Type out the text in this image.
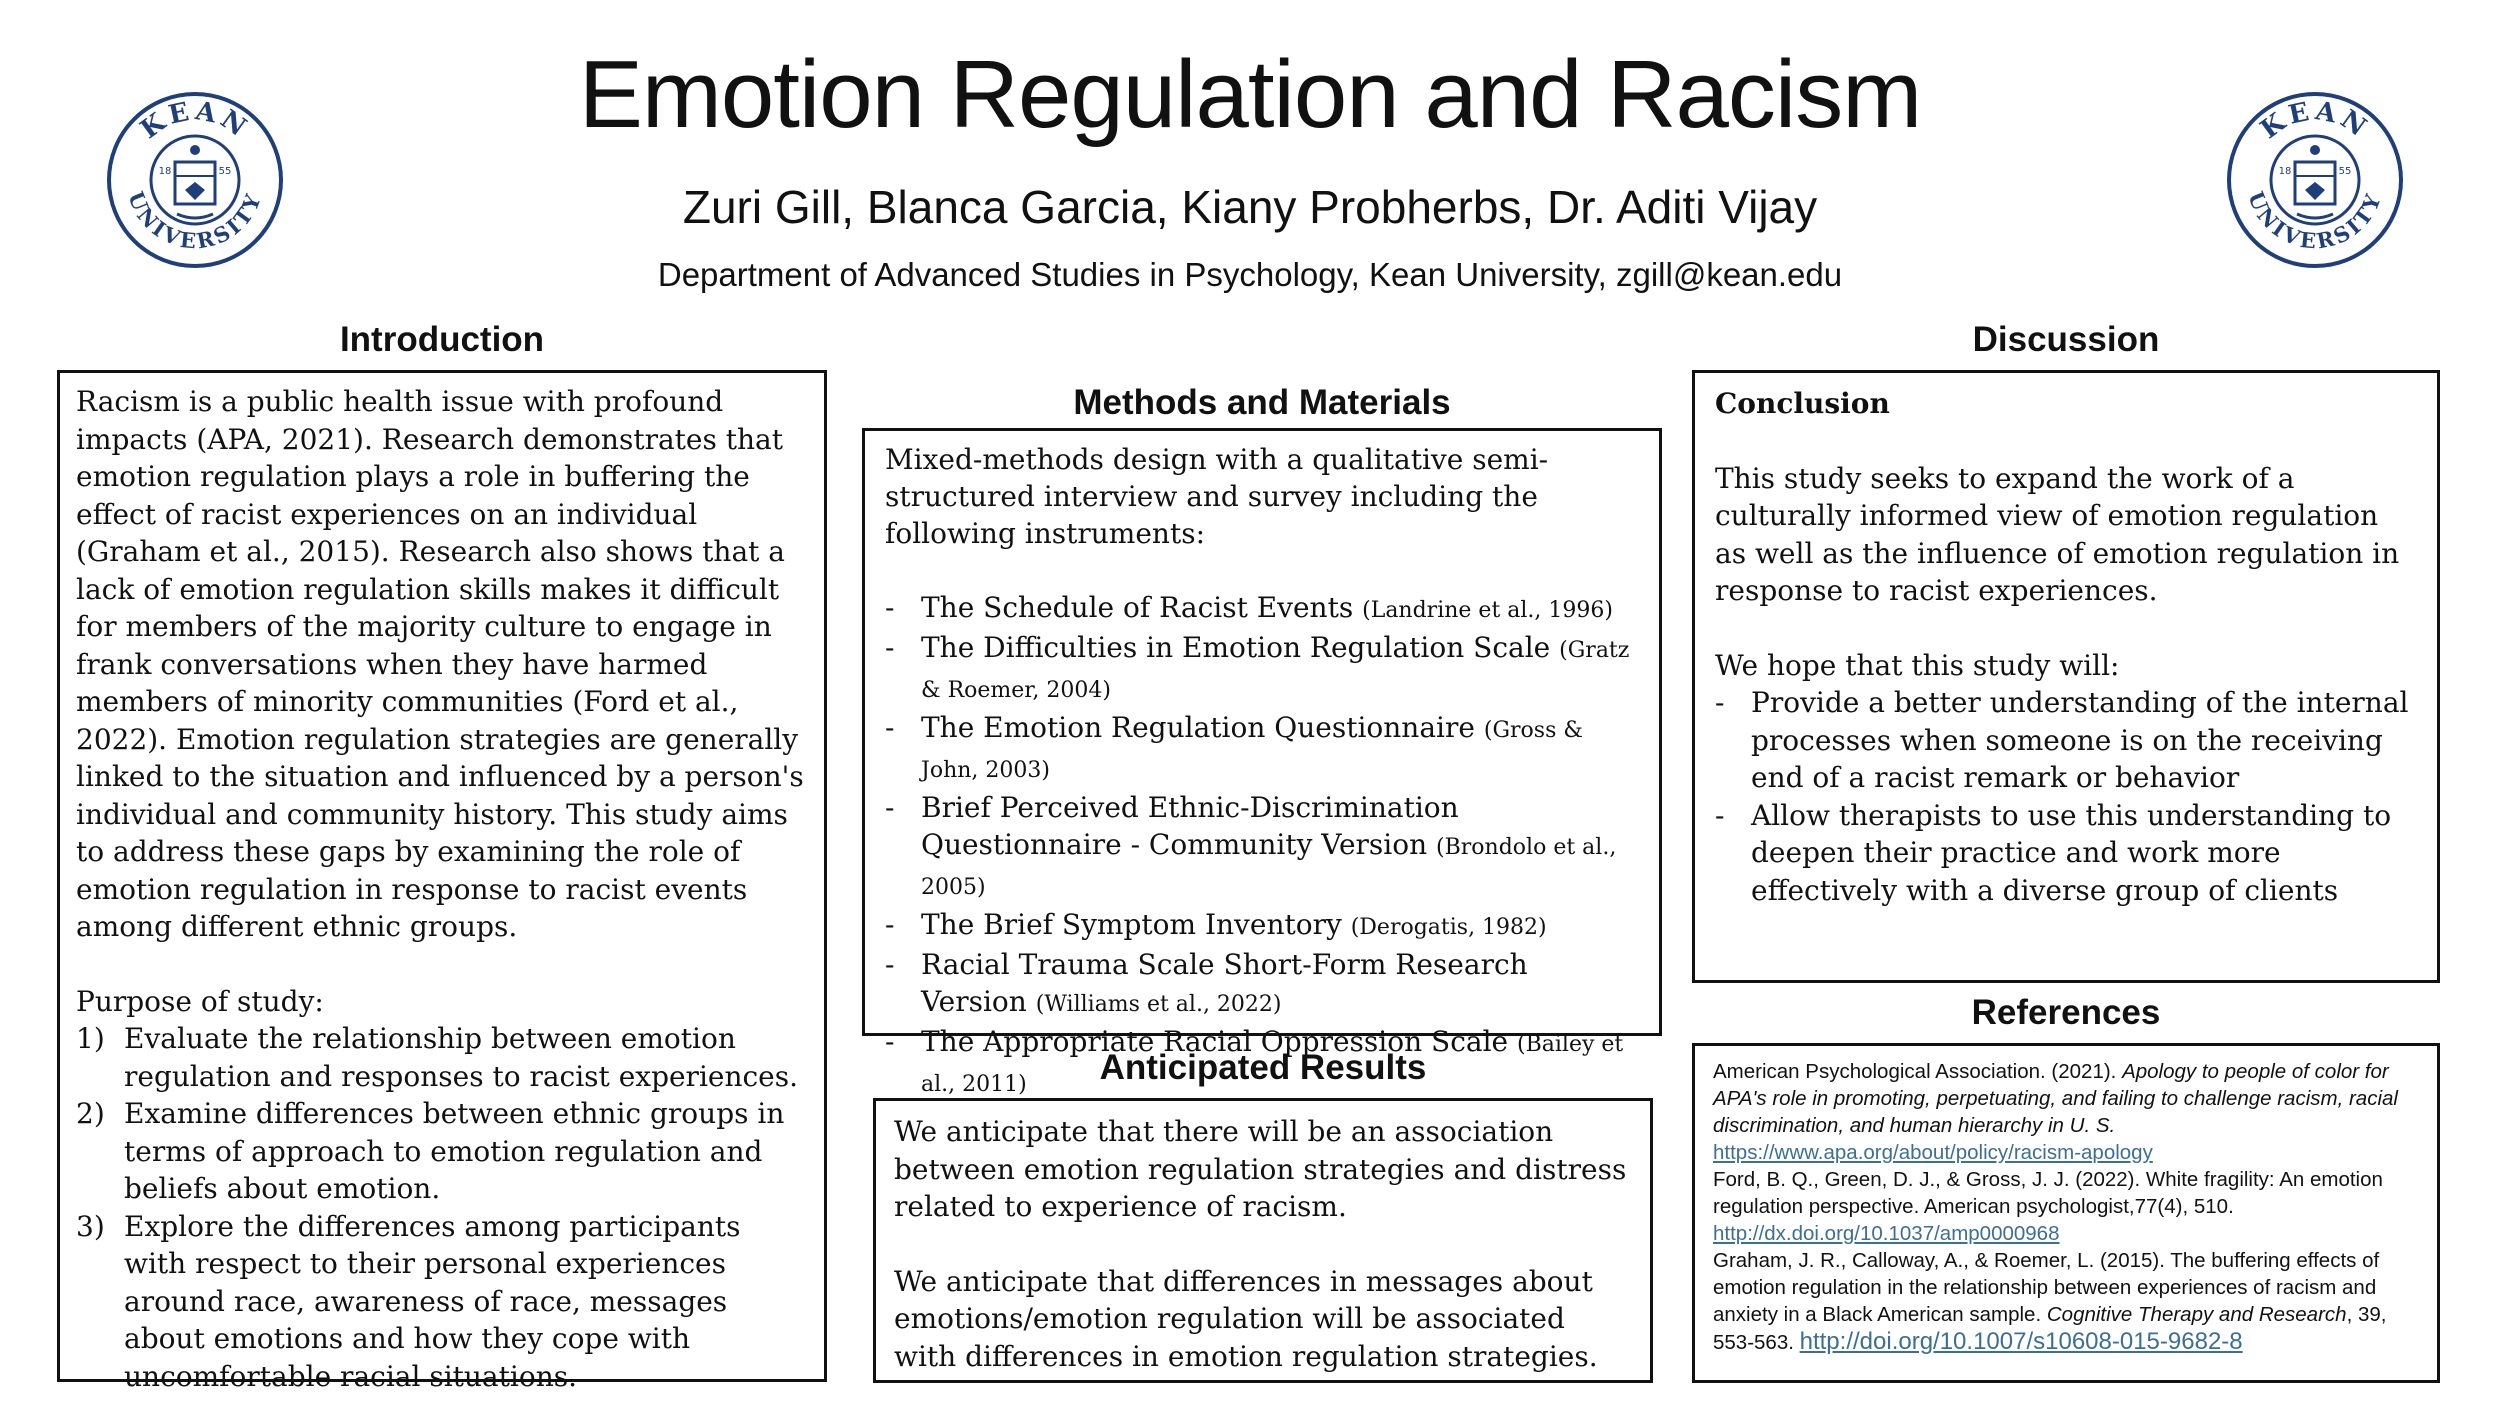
Emotion Regulation and Racism
Zuri Gill, Blanca Garcia, Kiany Probherbs, Dr. Aditi Vijay
Department of Advanced Studies in Psychology, Kean University, zgill@kean.edu
KEAN
UNIVERSITY
18	55
KEAN
UNIVERSITY
18	55
Introduction

Racism is a public health issue with profound impacts (APA, 2021). Research demonstrates that emotion regulation plays a role in buffering the effect of racist experiences on an individual (Graham et al., 2015). Research also shows that a lack of emotion regulation skills makes it difficult for members of the majority culture to engage in frank conversations when they have harmed members of minority communities (Ford et al., 2022). Emotion regulation strategies are generally linked to the situation and influenced by a person's individual and community history. This study aims to address these gaps by examining the role of emotion regulation in response to racist events among different ethnic groups.

Purpose of study:

1) Evaluate the relationship between emotion regulation and responses to racist experiences.
2) Examine differences between ethnic groups in terms of approach to emotion regulation and beliefs about emotion.
3) Explore the differences among participants with respect to their personal experiences around race, awareness of race, messages about emotions and how they cope with uncomfortable racial situations.
Methods and Materials

Mixed-methods design with a qualitative semi-structured interview and survey including the following instruments:

- The Schedule of Racist Events (Landrine et al., 1996)
- The Difficulties in Emotion Regulation Scale (Gratz & Roemer, 2004)
- The Emotion Regulation Questionnaire (Gross & John, 2003)
- Brief Perceived Ethnic-Discrimination Questionnaire - Community Version (Brondolo et al., 2005)
- The Brief Symptom Inventory (Derogatis, 1982)
- Racial Trauma Scale Short-Form Research Version (Williams et al., 2022)
- The Appropriate Racial Oppression Scale (Bailey et al., 2011)	Anticipated Results

We anticipate that there will be an association between emotion regulation strategies and distress related to experience of racism.

We anticipate that differences in messages about emotions/emotion regulation will be associated with differences in emotion regulation strategies.

Discussion

Conclusion

This study seeks to expand the work of a culturally informed view of emotion regulation as well as the influence of emotion regulation in response to racist experiences.

We hope that this study will:

- Provide a better understanding of the internal processes when someone is on the receiving end of a racist remark or behavior
- Allow therapists to use this understanding to deepen their practice and work more effectively with a diverse group of clients
References

American Psychological Association. (2021). Apology to people of color for APA's role in promoting, perpetuating, and failing to challenge racism, racial discrimination, and human hierarchy in U. S. https://www.apa.org/about/policy/racism-apology

Ford, B. Q., Green, D. J., & Gross, J. J. (2022). White fragility: An emotion regulation perspective. American psychologist,77(4), 510. http://dx.doi.org/10.1037/amp0000968

Graham, J. R., Calloway, A., & Roemer, L. (2015). The buffering effects of emotion regulation in the relationship between experiences of racism and anxiety in a Black American sample. Cognitive Therapy and Research, 39, 553-563. http://doi.org/10.1007/s10608-015-9682-8
